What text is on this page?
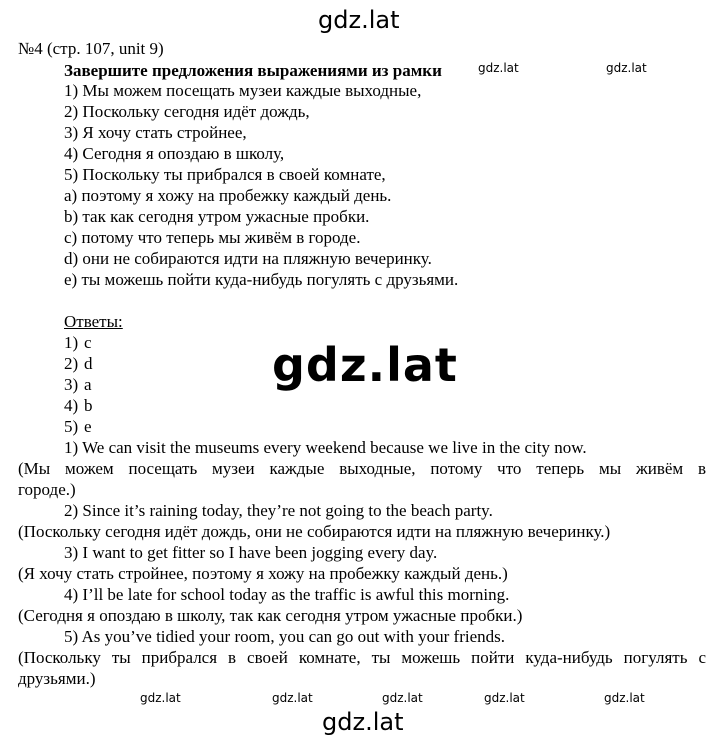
gdz.lat
gdz.lat	gdz.lat
gdz.lat
gdz.lat	gdz.lat	gdz.lat	gdz.lat	gdz.lat
gdz.lat
№4 (стр. 107, unit 9)
Завершите предложения выражениями из рамки
1) Мы можем посещать музеи каждые выходные,
2) Поскольку сегодня идёт дождь,
3) Я хочу стать стройнее,
4) Сегодня я опоздаю в школу,
5) Поскольку ты прибрался в своей комнате,
a) поэтому я хожу на пробежку каждый день.
b) так как сегодня утром ужасные пробки.
c) потому что теперь мы живём в городе.
d) они не собираются идти на пляжную вечеринку.
e) ты можешь пойти куда-нибудь погулять с друзьями.
Ответы:
1) c
2) d
3) a
4) b
5) e
1) We can visit the museums every weekend because we live in the city now.
(Мы можем посещать музеи каждые выходные, потому что теперь мы живём в
городе.)
2) Since it’s raining today, they’re not going to the beach party.
(Поскольку сегодня идёт дождь, они не собираются идти на пляжную вечеринку.)
3) I want to get fitter so I have been jogging every day.
(Я хочу стать стройнее, поэтому я хожу на пробежку каждый день.)
4) I’ll be late for school today as the traffic is awful this morning.
(Сегодня я опоздаю в школу, так как сегодня утром ужасные пробки.)
5) As you’ve tidied your room, you can go out with your friends.
(Поскольку ты прибрался в своей комнате, ты можешь пойти куда-нибудь погулять с
друзьями.)
